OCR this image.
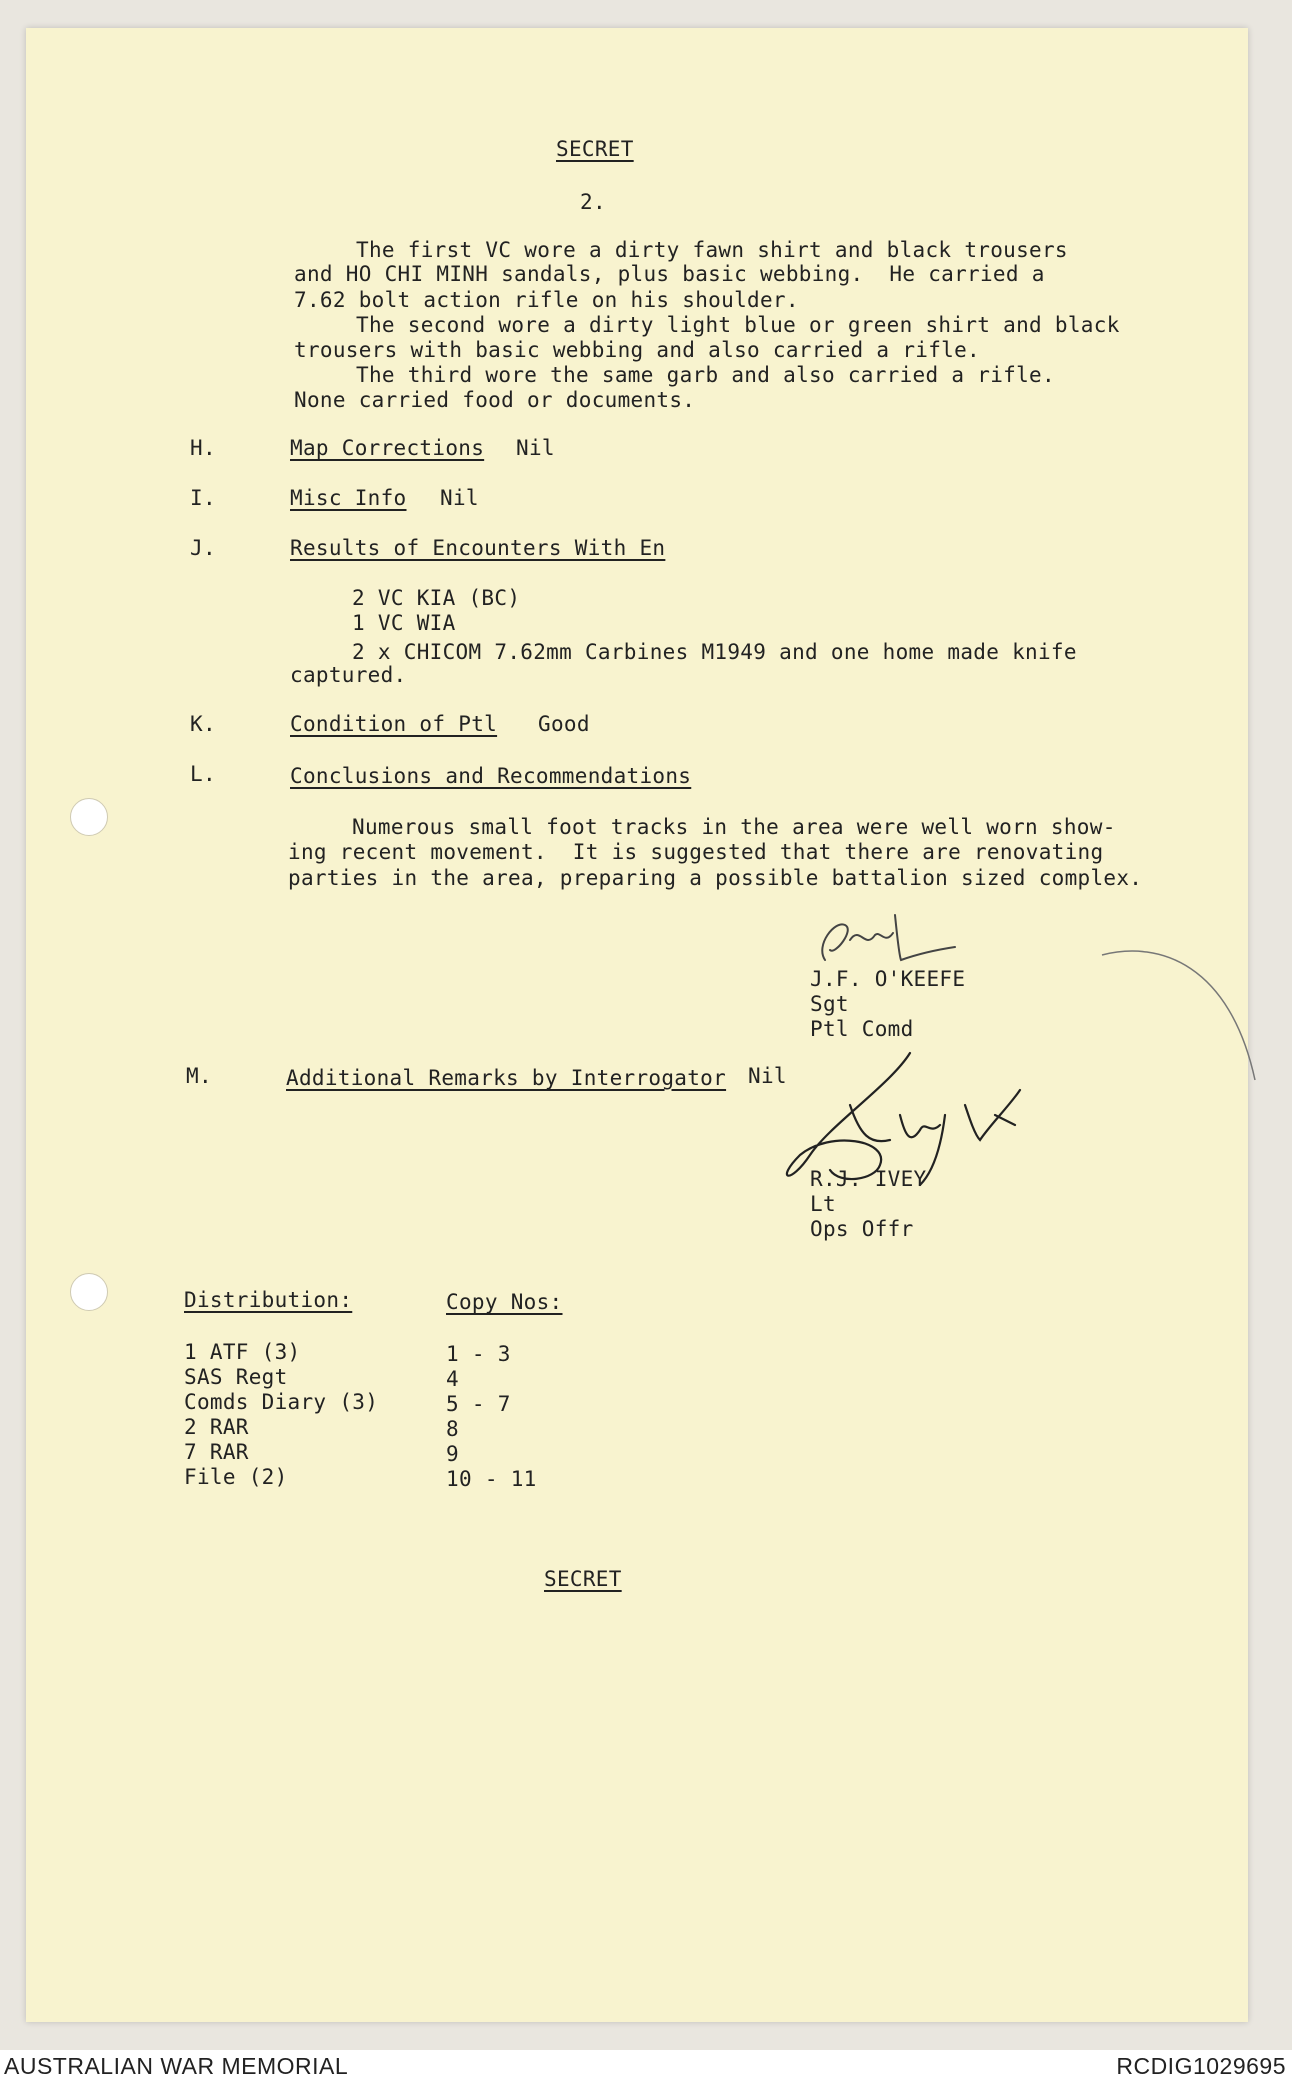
SECRET
2.
The first VC wore a dirty fawn shirt and black trousers
and HO CHI MINH sandals, plus basic webbing.  He carried a
7.62 bolt action rifle on his shoulder.
The second wore a dirty light blue or green shirt and black
trousers with basic webbing and also carried a rifle.
The third wore the same garb and also carried a rifle.
None carried food or documents.
H.	Map Corrections Nil
I.	Misc Info Nil
J.	Results of Encounters With En
2 VC KIA (BC)
1 VC WIA
2 x CHICOM 7.62mm Carbines M1949 and one home made knife
captured.
K.	Condition of Ptl Good
L.	Conclusions and Recommendations
Numerous small foot tracks in the area were well worn show-
ing recent movement.  It is suggested that there are renovating
parties in the area, preparing a possible battalion sized complex.
J.F. O'KEEFE
Sgt
Ptl Comd
M.	Additional Remarks by Interrogator Nil
R.J. IVEY
Lt
Ops Offr
Distribution:	Copy Nos:
1 ATF (3)	1 - 3
SAS Regt	4
Comds Diary (3)	5 - 7
2 RAR	8
7 RAR	9
File (2)	10 - 11
SECRET
AUSTRALIAN WAR MEMORIAL	RCDIG1029695
